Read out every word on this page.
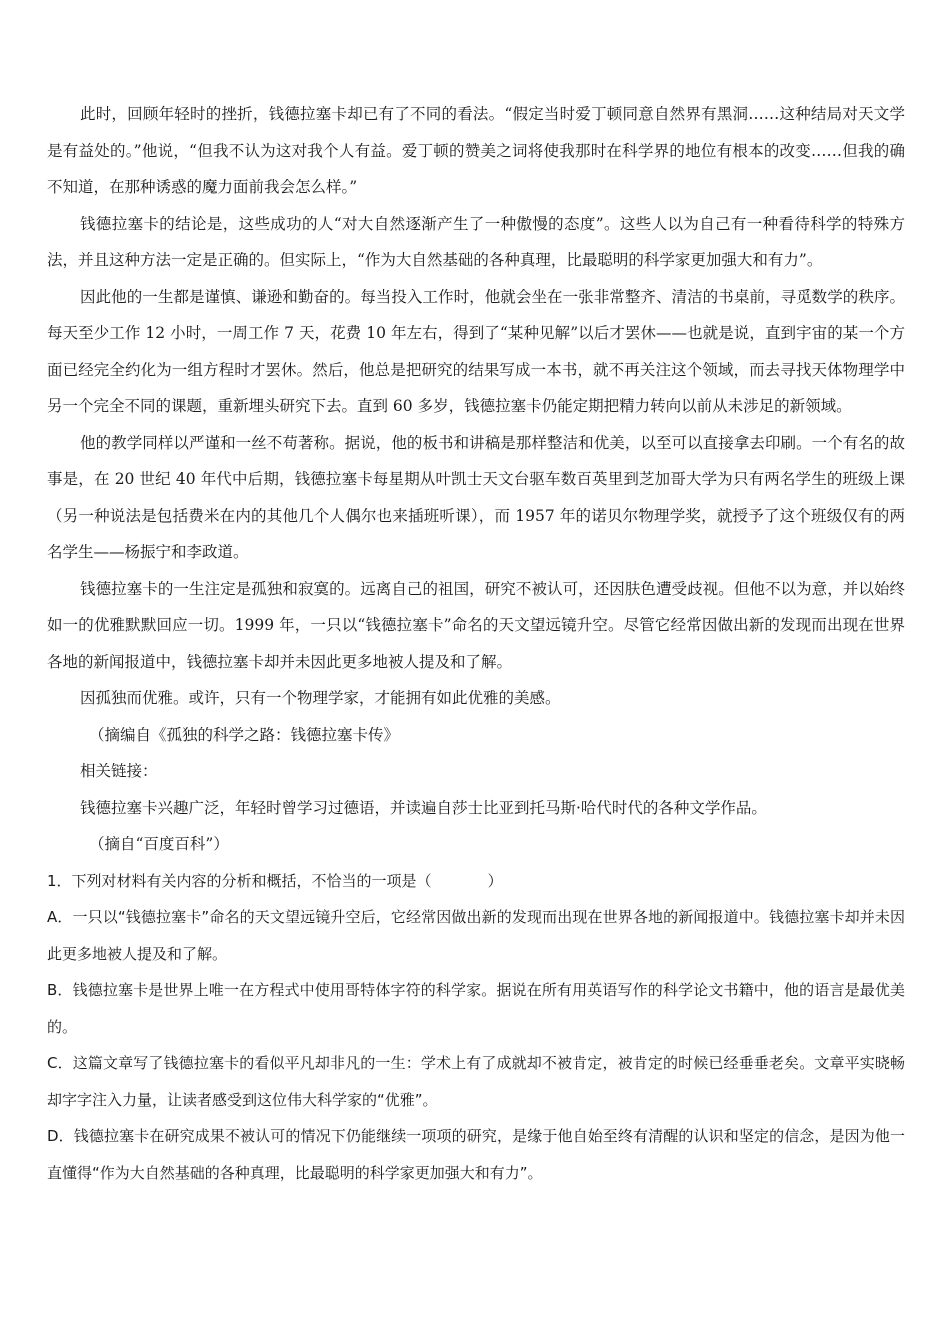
此时，回顾年轻时的挫折，钱德拉塞卡却已有了不同的看法。“假定当时爱丁顿同意自然界有黑洞……这种结局对天文学是有益处的。”他说，“但我不认为这对我个人有益。爱丁顿的赞美之词将使我那时在科学界的地位有根本的改变……但我的确不知道，在那种诱惑的魔力面前我会怎么样。”

钱德拉塞卡的结论是，这些成功的人“对大自然逐渐产生了一种傲慢的态度”。这些人以为自己有一种看待科学的特殊方法，并且这种方法一定是正确的。但实际上，“作为大自然基础的各种真理，比最聪明的科学家更加强大和有力”。

因此他的一生都是谨慎、谦逊和勤奋的。每当投入工作时，他就会坐在一张非常整齐、清洁的书桌前，寻觅数学的秩序。每天至少工作 12 小时，一周工作 7 天，花费 10 年左右，得到了“某种见解”以后才罢休——也就是说，直到宇宙的某一个方面已经完全约化为一组方程时才罢休。然后，他总是把研究的结果写成一本书，就不再关注这个领域，而去寻找天体物理学中另一个完全不同的课题，重新埋头研究下去。直到 60 多岁，钱德拉塞卡仍能定期把精力转向以前从未涉足的新领域。

他的教学同样以严谨和一丝不苟著称。据说，他的板书和讲稿是那样整洁和优美，以至可以直接拿去印刷。一个有名的故事是，在 20 世纪 40 年代中后期，钱德拉塞卡每星期从叶凯士天文台驱车数百英里到芝加哥大学为只有两名学生的班级上课（另一种说法是包括费米在内的其他几个人偶尔也来插班听课），而 1957 年的诺贝尔物理学奖，就授予了这个班级仅有的两名学生——杨振宁和李政道。

钱德拉塞卡的一生注定是孤独和寂寞的。远离自己的祖国，研究不被认可，还因肤色遭受歧视。但他不以为意，并以始终如一的优雅默默回应一切。1999 年，一只以“钱德拉塞卡”命名的天文望远镜升空。尽管它经常因做出新的发现而出现在世界各地的新闻报道中，钱德拉塞卡却并未因此更多地被人提及和了解。

因孤独而优雅。或许，只有一个物理学家，才能拥有如此优雅的美感。

（摘编自《孤独的科学之路：钱德拉塞卡传》

相关链接：

钱德拉塞卡兴趣广泛，年轻时曾学习过德语，并读遍自莎士比亚到托马斯·哈代时代的各种文学作品。

（摘自“百度百科”）

1．下列对材料有关内容的分析和概括，不恰当的一项是（	）

A．一只以“钱德拉塞卡”命名的天文望远镜升空后，它经常因做出新的发现而出现在世界各地的新闻报道中。钱德拉塞卡却并未因此更多地被人提及和了解。

B．钱德拉塞卡是世界上唯一在方程式中使用哥特体字符的科学家。据说在所有用英语写作的科学论文书籍中，他的语言是最优美的。

C．这篇文章写了钱德拉塞卡的看似平凡却非凡的一生：学术上有了成就却不被肯定，被肯定的时候已经垂垂老矣。文章平实晓畅却字字注入力量，让读者感受到这位伟大科学家的“优雅”。

D．钱德拉塞卡在研究成果不被认可的情况下仍能继续一项项的研究，是缘于他自始至终有清醒的认识和坚定的信念，是因为他一直懂得“作为大自然基础的各种真理，比最聪明的科学家更加强大和有力”。
